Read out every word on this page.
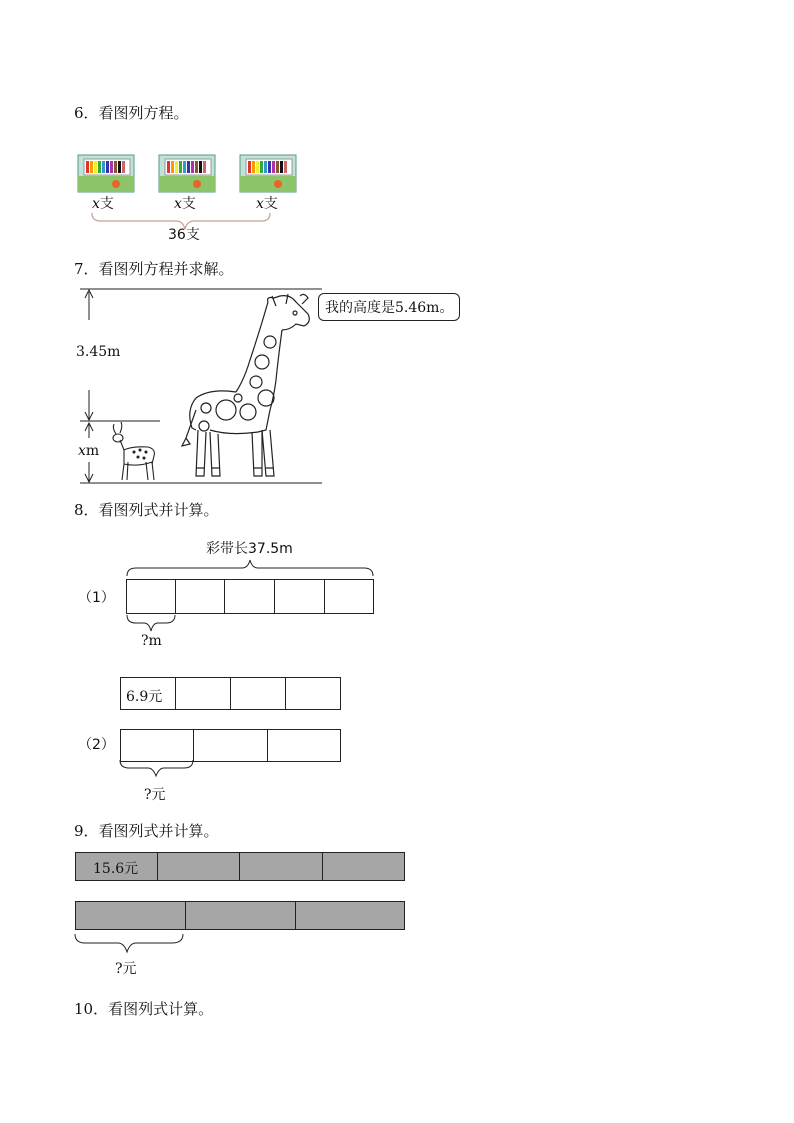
6．看图列方程。
x支	x支	x支
36支
7．看图列方程并求解。
3.45m
xm
我的高度是5.46m。
8．看图列式并计算。
彩带长37.5m
（1）
?m
6.9元
（2）
?元
9．看图列式并计算。
15.6元
?元
10．看图列式计算。
